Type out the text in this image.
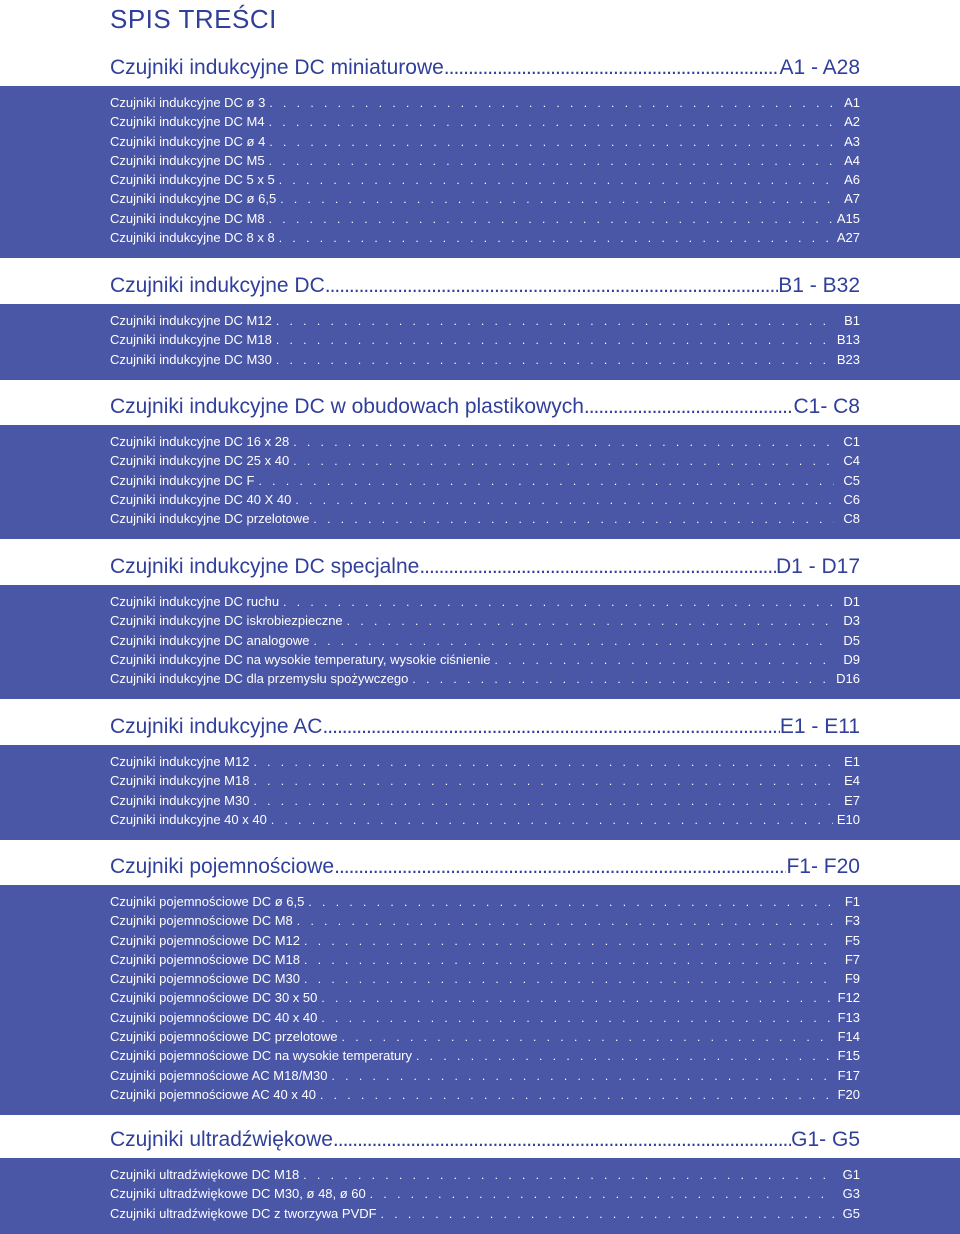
SPIS TREŚCI
Czujniki indukcyjne DC miniaturowe .....	A1 - A28
Czujniki indukcyjne DC ø 3 . . .	A1
Czujniki indukcyjne DC M4 . . .	A2
Czujniki indukcyjne DC ø 4 . . .	A3
Czujniki indukcyjne DC M5 . . .	A4
Czujniki indukcyjne DC 5 x 5 . . .	A6
Czujniki indukcyjne DC ø 6,5 . . .	A7
Czujniki indukcyjne DC M8 . . .	A15
Czujniki indukcyjne DC 8 x 8 . . .	A27
Czujniki indukcyjne DC .....	B1 - B32
Czujniki indukcyjne DC M12 . . .	B1
Czujniki indukcyjne DC M18 . . .	B13
Czujniki indukcyjne DC M30 . . .	B23
Czujniki indukcyjne DC w obudowach plastikowych .....	C1- C8
Czujniki indukcyjne DC 16 x 28 . . .	C1
Czujniki indukcyjne DC 25 x 40 . . .	C4
Czujniki indukcyjne DC F . . .	C5
Czujniki indukcyjne DC 40 X 40 . . .	C6
Czujniki indukcyjne DC przelotowe . . .	C8
Czujniki indukcyjne DC specjalne .....	D1 - D17
Czujniki indukcyjne DC ruchu . . .	D1
Czujniki indukcyjne DC iskrobiezpieczne . . .	D3
Czujniki indukcyjne DC analogowe . . .	D5
Czujniki indukcyjne DC na wysokie temperatury, wysokie ciśnienie . . .	D9
Czujniki indukcyjne DC dla przemysłu spożywczego . . .	D16
Czujniki indukcyjne AC .....	E1 - E11
Czujniki indukcyjne M12 . . .	E1
Czujniki indukcyjne M18 . . .	E4
Czujniki indukcyjne M30 . . .	E7
Czujniki indukcyjne 40 x 40 . . .	E10
Czujniki pojemnościowe .....	F1- F20
Czujniki pojemnościowe DC ø 6,5 . . .	F1
Czujniki pojemnościowe DC M8 . . .	F3
Czujniki pojemnościowe DC M12 . . .	F5
Czujniki pojemnościowe DC M18 . . .	F7
Czujniki pojemnościowe DC M30 . . .	F9
Czujniki pojemnościowe DC 30 x 50 . . .	F12
Czujniki pojemnościowe DC 40 x 40 . . .	F13
Czujniki pojemnościowe DC przelotowe . . .	F14
Czujniki pojemnościowe DC na wysokie temperatury . . .	F15
Czujniki pojemnościowe AC M18/M30 . . .	F17
Czujniki pojemnościowe AC 40 x 40 . . .	F20
Czujniki ultradźwiękowe .....	G1- G5
Czujniki ultradźwiękowe DC M18 . . .	G1
Czujniki ultradźwiękowe DC M30, ø 48, ø 60 . . .	G3
Czujniki ultradźwiękowe DC z tworzywa PVDF . . .	G5
